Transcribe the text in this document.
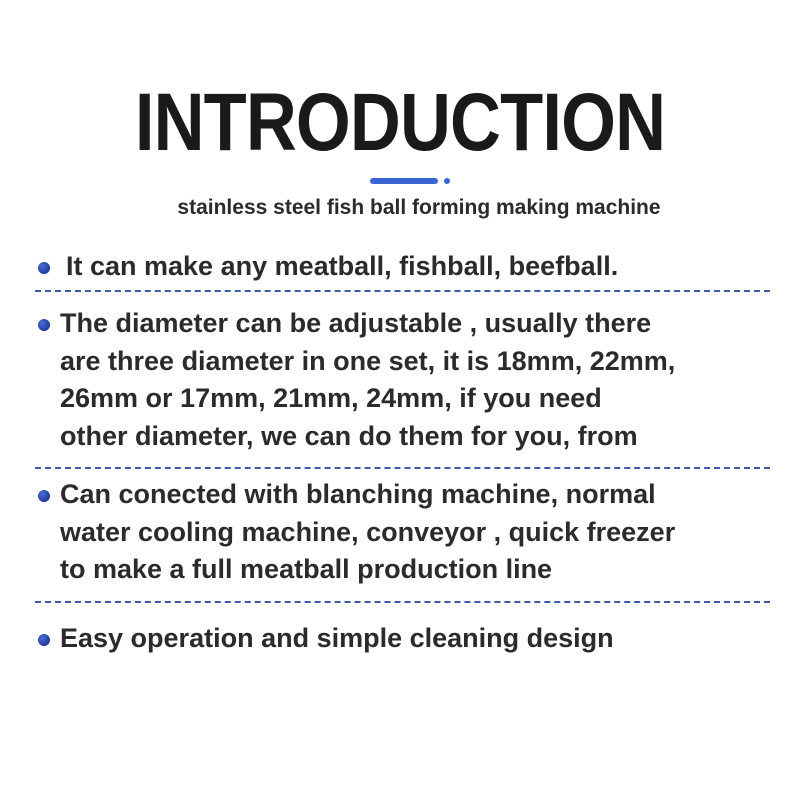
INTRODUCTION
stainless steel fish ball forming making machine
It can make any meatball, fishball, beefball.
The diameter can be adjustable , usually there
are three diameter in one set, it is 18mm, 22mm,
26mm or 17mm, 21mm, 24mm, if you need
other diameter, we can do them for you, from
Can conected with blanching machine, normal
water cooling machine, conveyor , quick freezer
to make a full meatball production line
Easy operation and simple cleaning design
